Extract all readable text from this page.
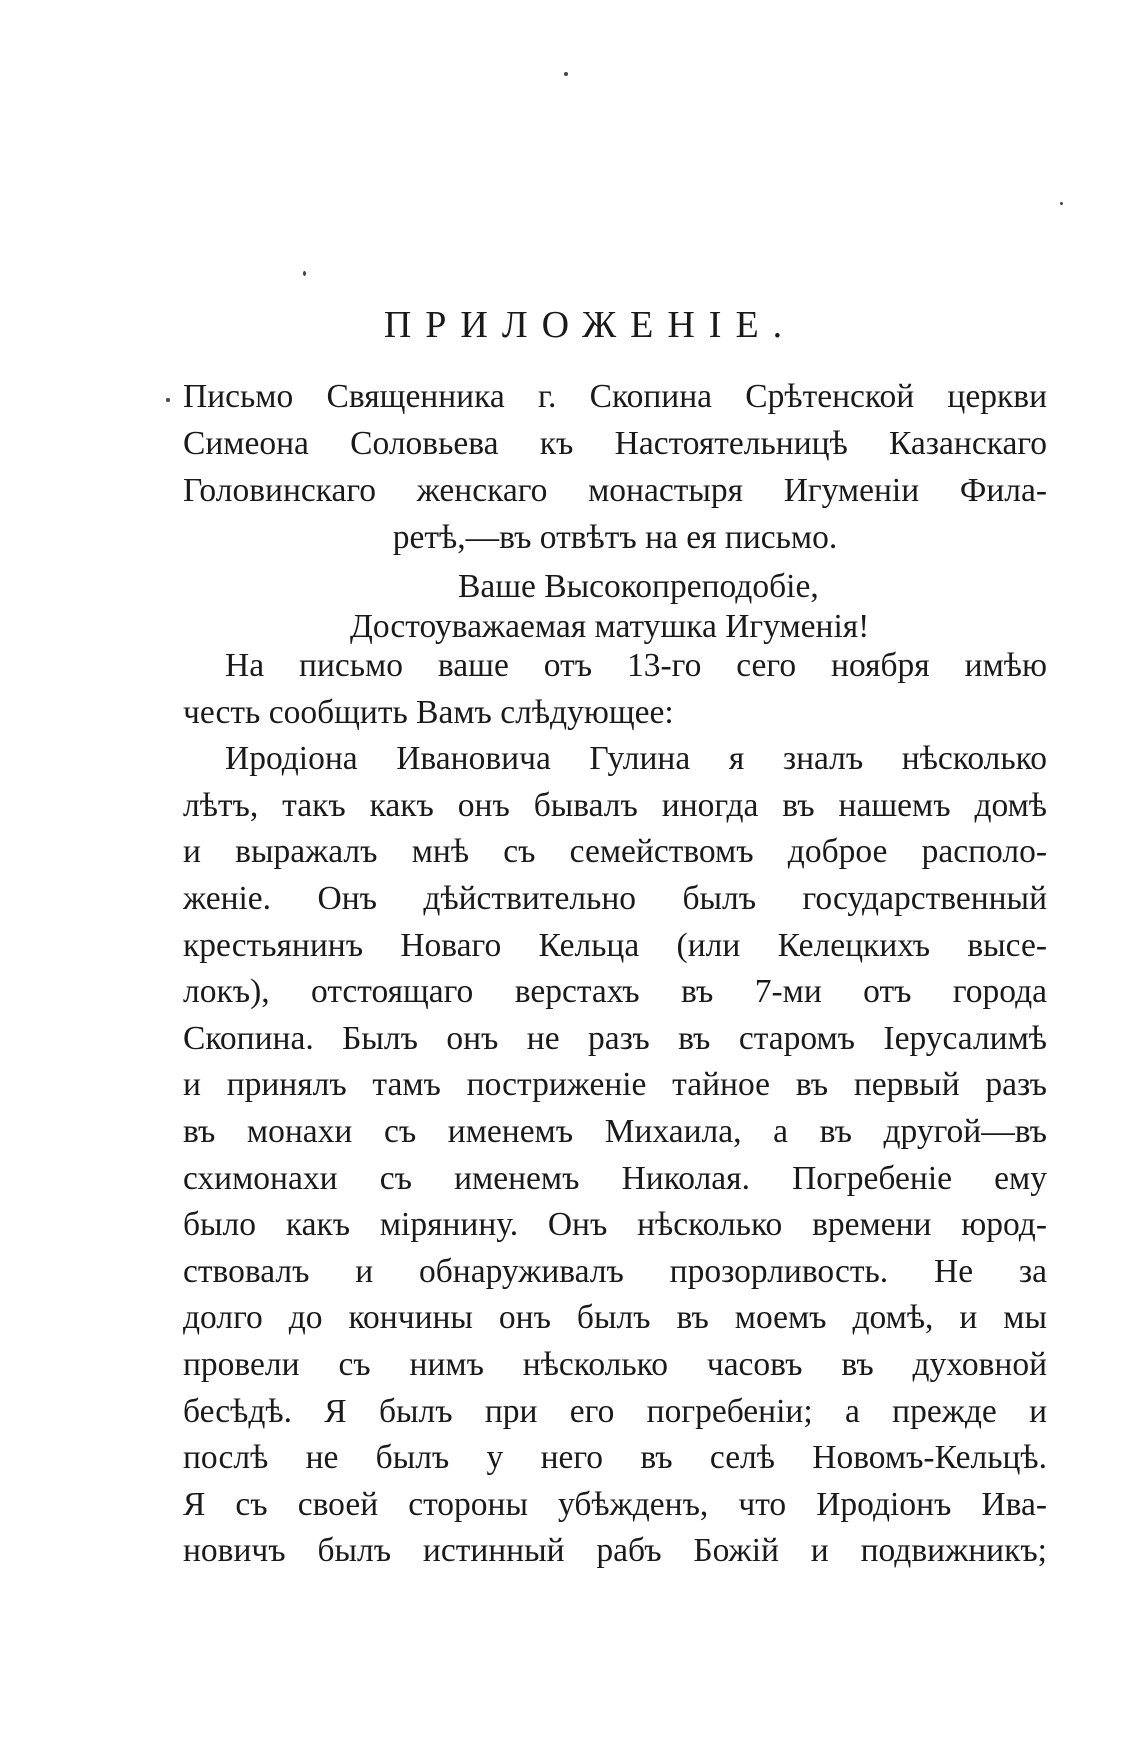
ПРИЛОЖЕНІЕ.
Письмо Священника г. Скопина Срѣтенской церкви
Симеона Соловьева къ Настоятельницѣ Казанскаго
Головинскаго женскаго монастыря Игуменіи Фила-
ретѣ,—въ отвѣтъ на ея письмо.
Ваше Высокопреподобіе,
Достоуважаемая матушка Игуменія!
На письмо ваше отъ 13-го сего ноября имѣю
честь сообщить Вамъ слѣдующее:
Иродіона Ивановича Гулина я зналъ нѣсколько
лѣтъ, такъ какъ онъ бывалъ иногда въ нашемъ домѣ
и выражалъ мнѣ съ семействомъ доброе располо-
женіе. Онъ дѣйствительно былъ государственный
крестьянинъ Новаго Кельца (или Келецкихъ высе-
локъ), отстоящаго верстахъ въ 7-ми отъ города
Скопина. Былъ онъ не разъ въ старомъ Іерусалимѣ
и принялъ тамъ постриженіе тайное въ первый разъ
въ монахи съ именемъ Михаила, а въ другой—въ
схимонахи съ именемъ Николая. Погребеніе ему
было какъ мірянину. Онъ нѣсколько времени юрод-
ствовалъ и обнаруживалъ прозорливость. Не за
долго до кончины онъ былъ въ моемъ домѣ, и мы
провели съ нимъ нѣсколько часовъ въ духовной
бесѣдѣ. Я былъ при его погребеніи; а прежде и
послѣ не былъ у него въ селѣ Новомъ-Кельцѣ.
Я съ своей стороны убѣжденъ, что Иродіонъ Ива-
новичъ былъ истинный рабъ Божій и подвижникъ;
